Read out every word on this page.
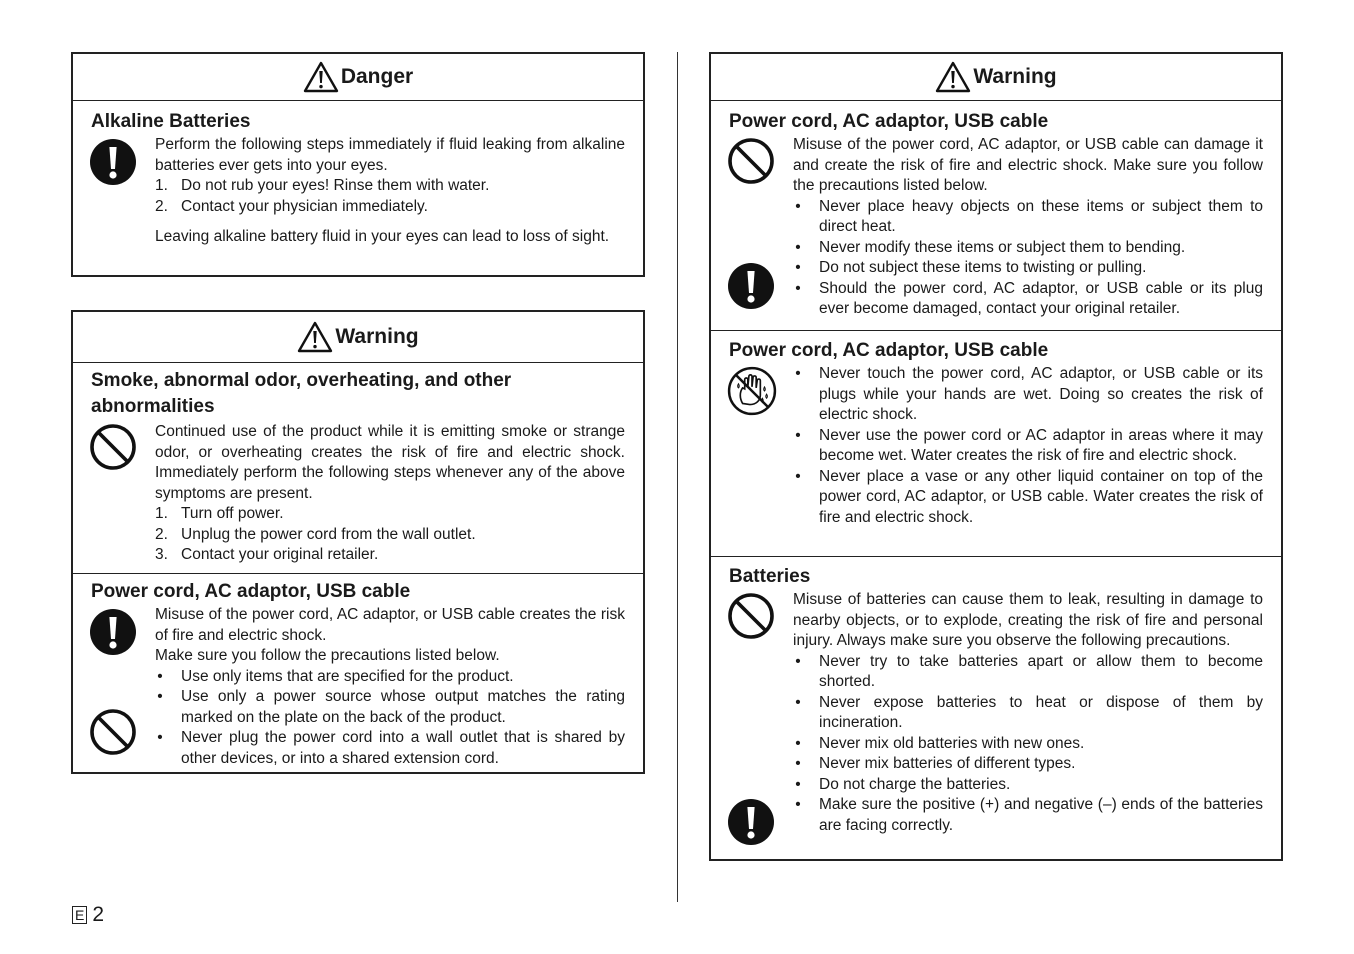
Danger
Alkaline Batteries
Perform the following steps immediately if fluid leaking from alkaline batteries ever gets into your eyes.
1. Do not rub your eyes! Rinse them with water.
2. Contact your physician immediately.
Leaving alkaline battery fluid in your eyes can lead to loss of sight.
Warning
Smoke, abnormal odor, overheating, and other abnormalities
Continued use of the product while it is emitting smoke or strange odor, or overheating creates the risk of fire and electric shock. Immediately perform the following steps whenever any of the above symptoms are present.
1. Turn off power.
2. Unplug the power cord from the wall outlet.
3. Contact your original retailer.
Power cord, AC adaptor, USB cable
Misuse of the power cord, AC adaptor, or USB cable creates the risk of fire and electric shock.
Make sure you follow the precautions listed below.
• Use only items that are specified for the product.
• Use only a power source whose output matches the rating marked on the plate on the back of the product.
• Never plug the power cord into a wall outlet that is shared by other devices, or into a shared extension cord.
Warning
Power cord, AC adaptor, USB cable
Misuse of the power cord, AC adaptor, or USB cable can damage it and create the risk of fire and electric shock. Make sure you follow the precautions listed below.
• Never place heavy objects on these items or subject them to direct heat.
• Never modify these items or subject them to bending.
• Do not subject these items to twisting or pulling.
• Should the power cord, AC adaptor, or USB cable or its plug ever become damaged, contact your original retailer.
Power cord, AC adaptor, USB cable
• Never touch the power cord, AC adaptor, or USB cable or its plugs while your hands are wet. Doing so creates the risk of electric shock.
• Never use the power cord or AC adaptor in areas where it may become wet. Water creates the risk of fire and electric shock.
• Never place a vase or any other liquid container on top of the power cord, AC adaptor, or USB cable. Water creates the risk of fire and electric shock.
Batteries
Misuse of batteries can cause them to leak, resulting in damage to nearby objects, or to explode, creating the risk of fire and personal injury. Always make sure you observe the following precautions.
• Never try to take batteries apart or allow them to become shorted.
• Never expose batteries to heat or dispose of them by incineration.
• Never mix old batteries with new ones.
• Never mix batteries of different types.
• Do not charge the batteries.
• Make sure the positive (+) and negative (–) ends of the batteries are facing correctly.
E 2
